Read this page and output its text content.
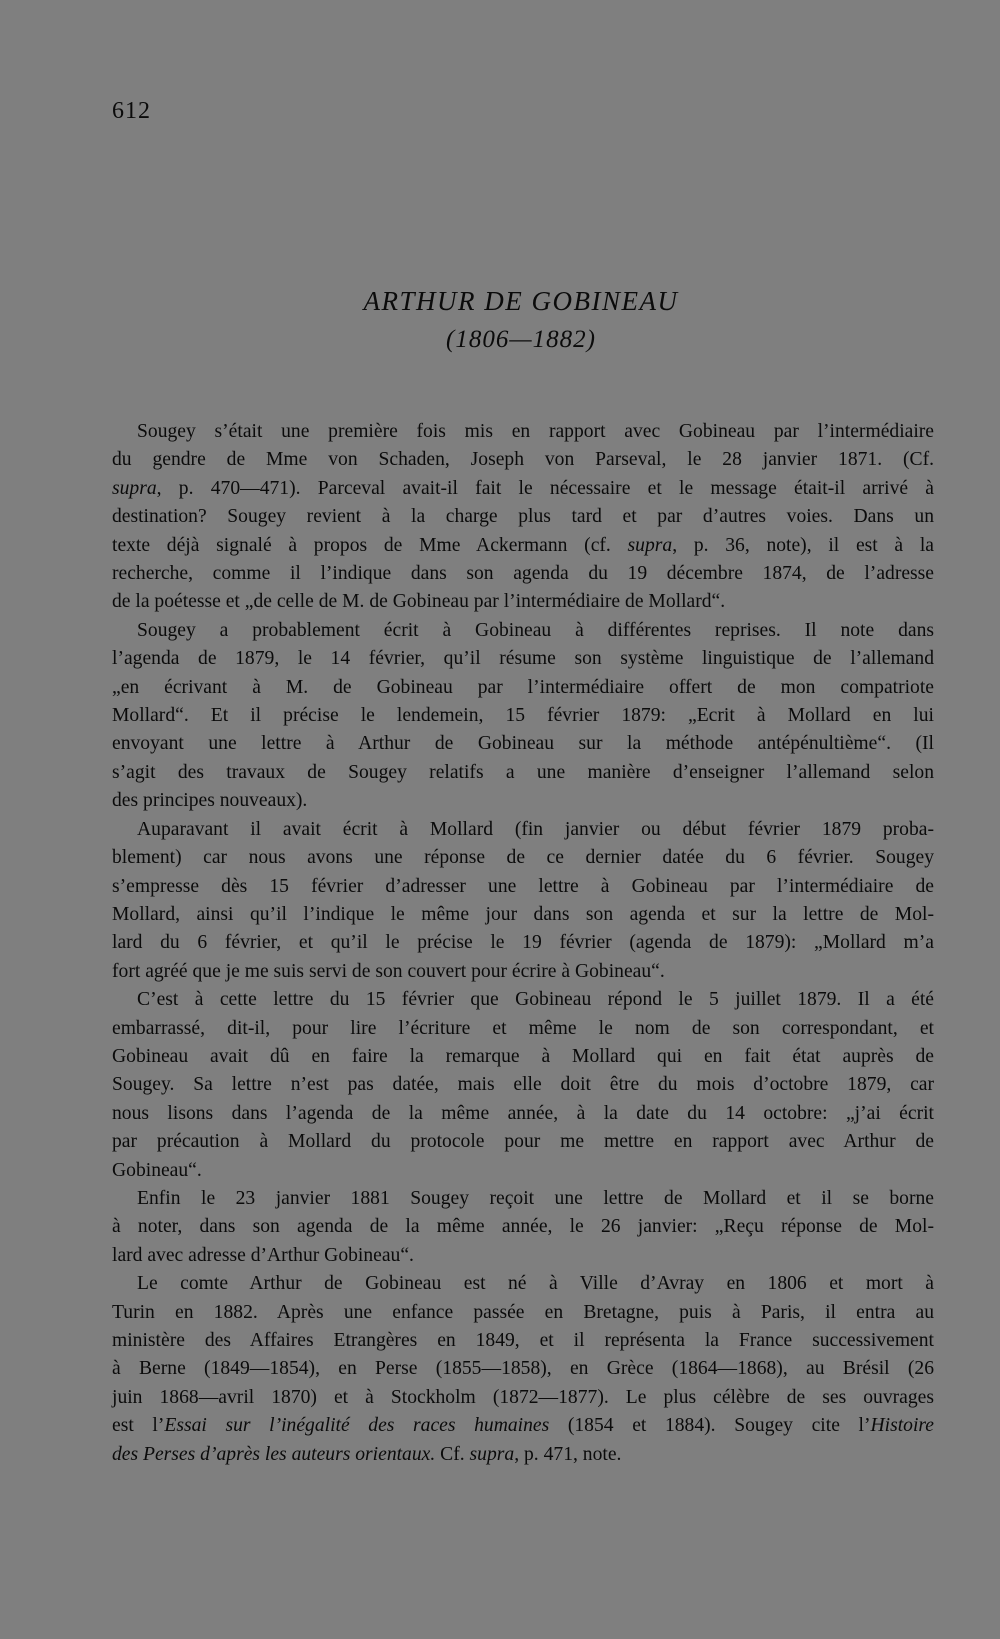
612
ARTHUR DE GOBINEAU
(1806—1882)
Sougey s’était une première fois mis en rapport avec Gobineau par l’intermédiaire
du gendre de Mme von Schaden, Joseph von Parseval, le 28 janvier 1871. (Cf.
supra, p. 470—471). Parceval avait-il fait le nécessaire et le message était-il arrivé à
destination? Sougey revient à la charge plus tard et par d’autres voies. Dans un
texte déjà signalé à propos de Mme Ackermann (cf. supra, p. 36, note), il est à la
recherche, comme il l’indique dans son agenda du 19 décembre 1874, de l’adresse
de la poétesse et „de celle de M. de Gobineau par l’intermédiaire de Mollard“.
Sougey a probablement écrit à Gobineau à différentes reprises. Il note dans
l’agenda de 1879, le 14 février, qu’il résume son système linguistique de l’allemand
„en écrivant à M. de Gobineau par l’intermédiaire offert de mon compatriote
Mollard“. Et il précise le lendemein, 15 février 1879: „Ecrit à Mollard en lui
envoyant une lettre à Arthur de Gobineau sur la méthode antépénultième“. (Il
s’agit des travaux de Sougey relatifs a une manière d’enseigner l’allemand selon
des principes nouveaux).
Auparavant il avait écrit à Mollard (fin janvier ou début février 1879 proba-
blement) car nous avons une réponse de ce dernier datée du 6 février. Sougey
s’empresse dès 15 février d’adresser une lettre à Gobineau par l’intermédiaire de
Mollard, ainsi qu’il l’indique le même jour dans son agenda et sur la lettre de Mol-
lard du 6 février, et qu’il le précise le 19 février (agenda de 1879): „Mollard m’a
fort agréé que je me suis servi de son couvert pour écrire à Gobineau“.
C’est à cette lettre du 15 février que Gobineau répond le 5 juillet 1879. Il a été
embarrassé, dit-il, pour lire l’écriture et même le nom de son correspondant, et
Gobineau avait dû en faire la remarque à Mollard qui en fait état auprès de
Sougey. Sa lettre n’est pas datée, mais elle doit être du mois d’octobre 1879, car
nous lisons dans l’agenda de la même année, à la date du 14 octobre: „j’ai écrit
par précaution à Mollard du protocole pour me mettre en rapport avec Arthur de
Gobineau“.
Enfin le 23 janvier 1881 Sougey reçoit une lettre de Mollard et il se borne
à noter, dans son agenda de la même année, le 26 janvier: „Reçu réponse de Mol-
lard avec adresse d’Arthur Gobineau“.
Le comte Arthur de Gobineau est né à Ville d’Avray en 1806 et mort à
Turin en 1882. Après une enfance passée en Bretagne, puis à Paris, il entra au
ministère des Affaires Etrangères en 1849, et il représenta la France successivement
à Berne (1849—1854), en Perse (1855—1858), en Grèce (1864—1868), au Brésil (26
juin 1868—avril 1870) et à Stockholm (1872—1877). Le plus célèbre de ses ouvrages
est l’Essai sur l’inégalité des races humaines (1854 et 1884). Sougey cite l’Histoire
des Perses d’après les auteurs orientaux. Cf. supra, p. 471, note.
